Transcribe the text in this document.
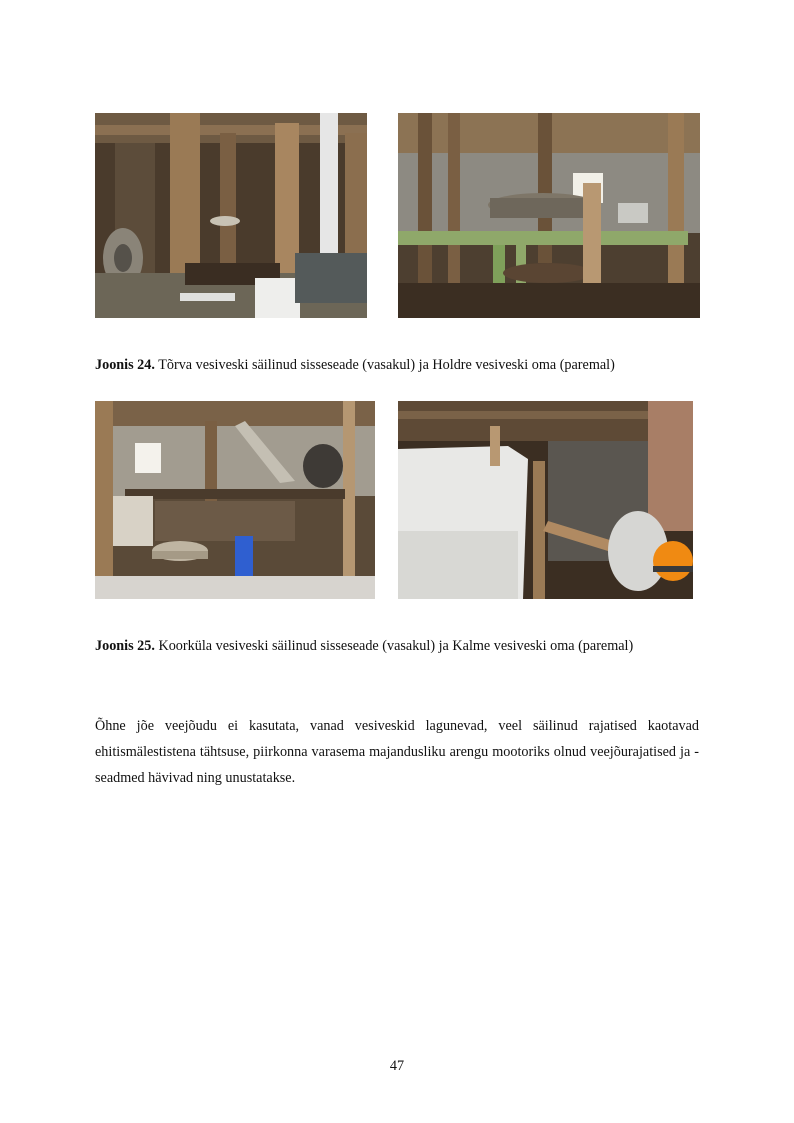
Joonis 24. Tõrva vesiveski säilinud sisseseade (vasakul) ja Holdre vesiveski oma (paremal)
Joonis 25. Koorküla vesiveski säilinud sisseseade (vasakul) ja Kalme vesiveski oma (paremal)
Õhne jõe veejõudu ei kasutata, vanad vesiveskid lagunevad, veel säilinud rajatised kaotavad ehitismälestistena tähtsuse, piirkonna varasema majandusliku arengu mootoriks olnud veejõurajatised ja -seadmed hävivad ning unustatakse.
47
